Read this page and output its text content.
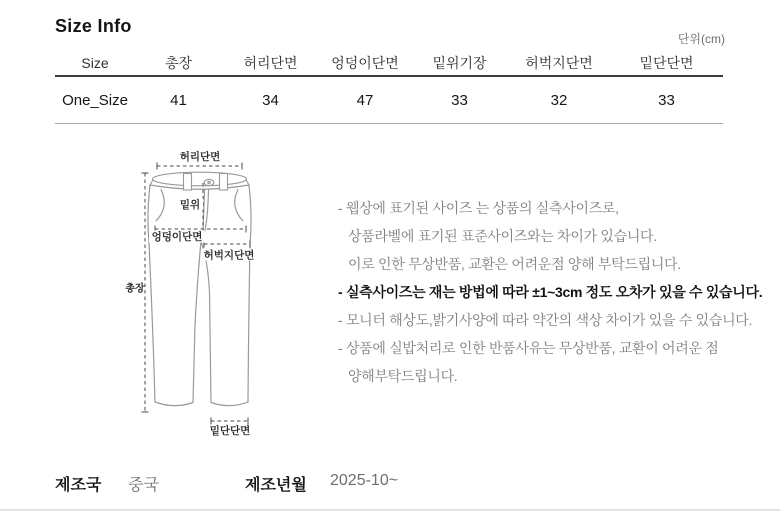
Size Info
단위(cm)
Size	총장	허리단면	엉덩이단면	밑위기장	허벅지단면	밑단단면
One_Size	41	34	47	33	32	33
허리단면
밑위
엉덩이단면
허벅지단면
총장
밑단단면
- 웹상에 표기된 사이즈 는 상품의 실측사이즈로,
상품라벨에 표기된 표준사이즈와는 차이가 있습니다.
이로 인한 무상반품, 교환은 어려운점 양해 부탁드립니다.
- 실측사이즈는 재는 방법에 따라 ±1~3cm 정도 오차가 있을 수 있습니다.
- 모니터 해상도,밝기사양에 따라 약간의 색상 차이가 있을 수 있습니다.
- 상품에 실밥처리로 인한 반품사유는 무상반품, 교환이 어려운 점
양해부탁드립니다.
제조국 중국	제조년월 2025-10~
